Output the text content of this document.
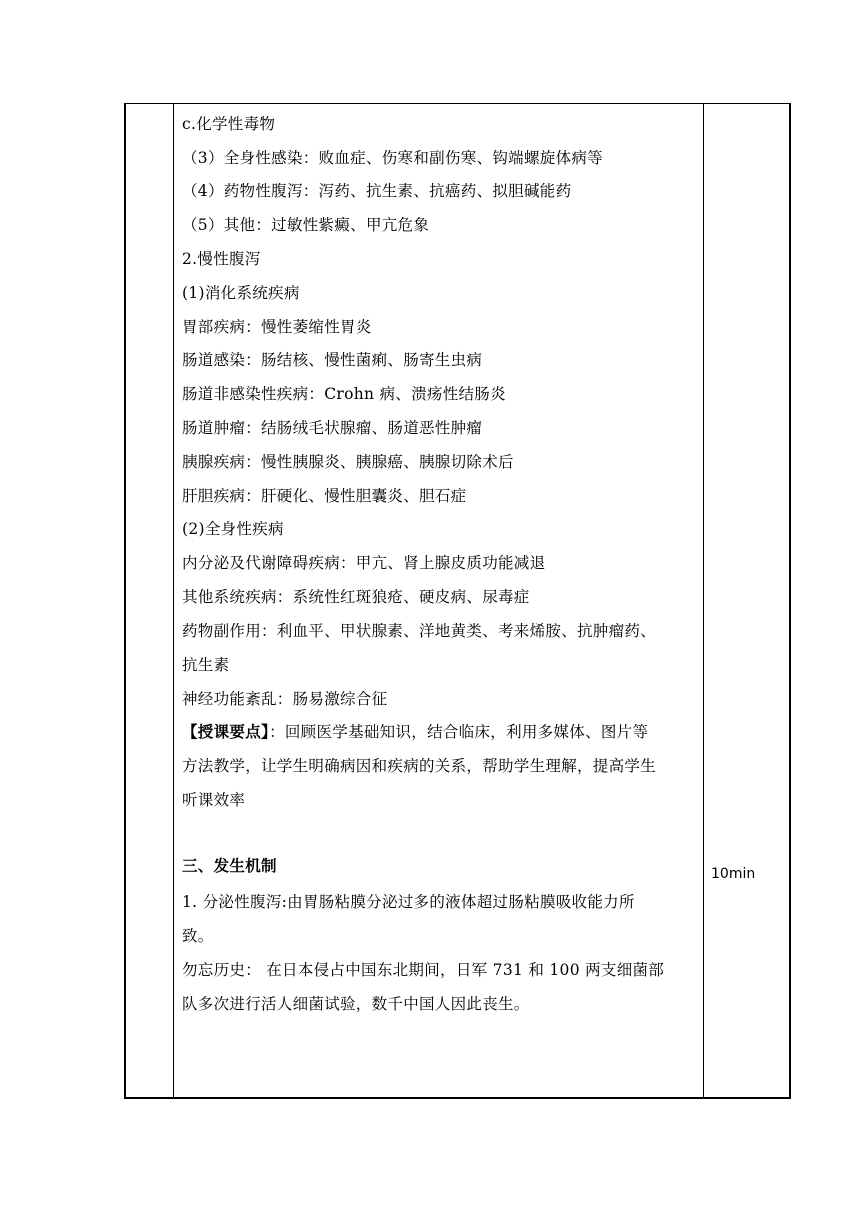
c.化学性毒物
（3）全身性感染：败血症、伤寒和副伤寒、钩端螺旋体病等
（4）药物性腹泻：泻药、抗生素、抗癌药、拟胆碱能药
（5）其他：过敏性紫癜、甲亢危象
2.慢性腹泻
(1)消化系统疾病
胃部疾病：慢性萎缩性胃炎
肠道感染：肠结核、慢性菌痢、肠寄生虫病
肠道非感染性疾病：Crohn 病、溃疡性结肠炎
肠道肿瘤：结肠绒毛状腺瘤、肠道恶性肿瘤
胰腺疾病：慢性胰腺炎、胰腺癌、胰腺切除术后
肝胆疾病：肝硬化、慢性胆囊炎、胆石症
(2)全身性疾病
内分泌及代谢障碍疾病：甲亢、肾上腺皮质功能减退
其他系统疾病：系统性红斑狼疮、硬皮病、尿毒症
药物副作用：利血平、甲状腺素、洋地黄类、考来烯胺、抗肿瘤药、
抗生素
神经功能紊乱：肠易激综合征
【授课要点】：回顾医学基础知识，结合临床，利用多媒体、图片等
方法教学，让学生明确病因和疾病的关系，帮助学生理解，提高学生
听课效率
三、发生机制
1. 分泌性腹泻:由胃肠粘膜分泌过多的液体超过肠粘膜吸收能力所
致。
勿忘历史： 在日本侵占中国东北期间，日军 731 和 100 两支细菌部
队多次进行活人细菌试验，数千中国人因此丧生。
10min
